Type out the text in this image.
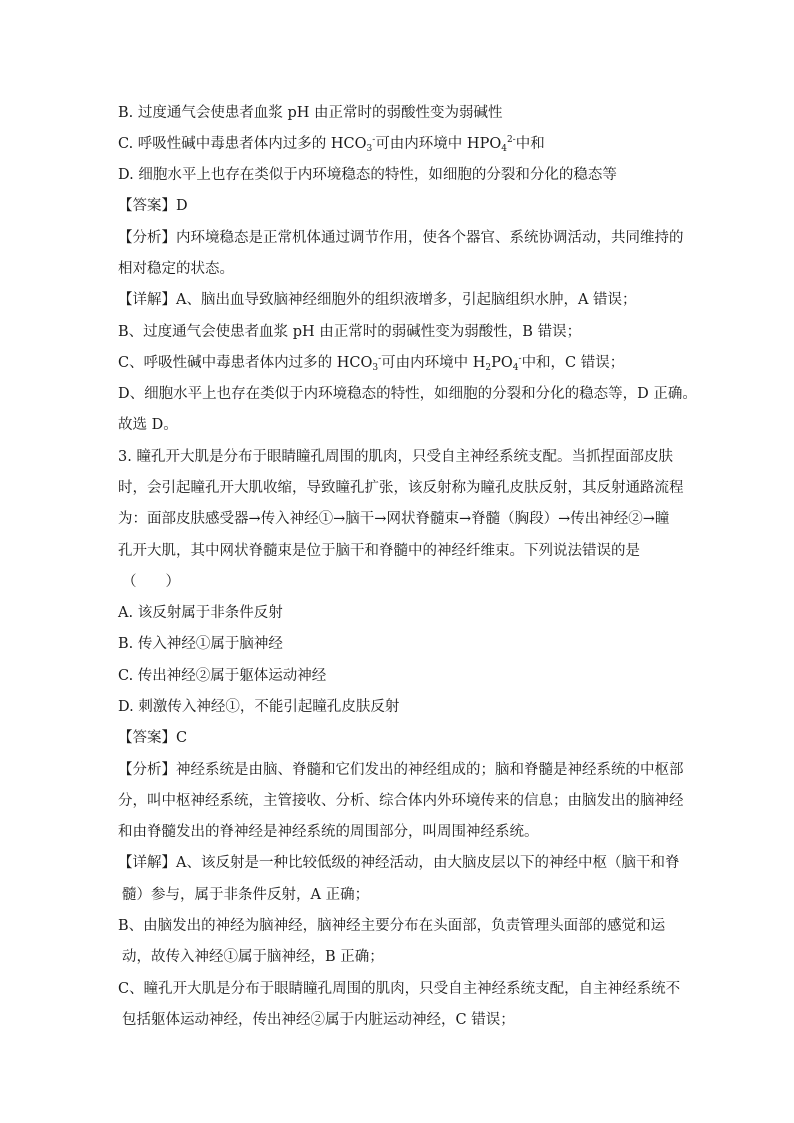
B. 过度通气会使患者血浆 pH 由正常时的弱酸性变为弱碱性
C. 呼吸性碱中毒患者体内过多的 $HCO_3^-$可由内环境中 $HPO_4^{2-}$中和
D. 细胞水平上也存在类似于内环境稳态的特性，如细胞的分裂和分化的稳态等
【答案】D
【分析】内环境稳态是正常机体通过调节作用，使各个器官、系统协调活动，共同维持的
相对稳定的状态。
【详解】A、脑出血导致脑神经细胞外的组织液增多，引起脑组织水肿，A 错误；
B、过度通气会使患者血浆 pH 由正常时的弱碱性变为弱酸性，B 错误；
C、呼吸性碱中毒患者体内过多的 $HCO_3^-$可由内环境中 $H_2PO_4^-$中和，C 错误；
D、细胞水平上也存在类似于内环境稳态的特性，如细胞的分裂和分化的稳态等，D 正确。
故选 D。
3. 瞳孔开大肌是分布于眼睛瞳孔周围的肌肉，只受自主神经系统支配。当抓捏面部皮肤
时，会引起瞳孔开大肌收缩，导致瞳孔扩张，该反射称为瞳孔皮肤反射，其反射通路流程
为：面部皮肤感受器→传入神经①→脑干→网状脊髓束→脊髓（胸段）→传出神经②→瞳
孔开大肌，其中网状脊髓束是位于脑干和脊髓中的神经纤维束。下列说法错误的是
（　　）
A. 该反射属于非条件反射
B. 传入神经①属于脑神经
C. 传出神经②属于躯体运动神经
D. 刺激传入神经①，不能引起瞳孔皮肤反射
【答案】C
【分析】神经系统是由脑、脊髓和它们发出的神经组成的；脑和脊髓是神经系统的中枢部
分，叫中枢神经系统，主管接收、分析、综合体内外环境传来的信息；由脑发出的脑神经
和由脊髓发出的脊神经是神经系统的周围部分，叫周围神经系统。
【详解】A、该反射是一种比较低级的神经活动，由大脑皮层以下的神经中枢（脑干和脊
髓）参与，属于非条件反射，A 正确；
B、由脑发出的神经为脑神经，脑神经主要分布在头面部，负责管理头面部的感觉和运
动，故传入神经①属于脑神经，B 正确；
C、瞳孔开大肌是分布于眼睛瞳孔周围的肌肉，只受自主神经系统支配，自主神经系统不
包括躯体运动神经，传出神经②属于内脏运动神经，C 错误；
